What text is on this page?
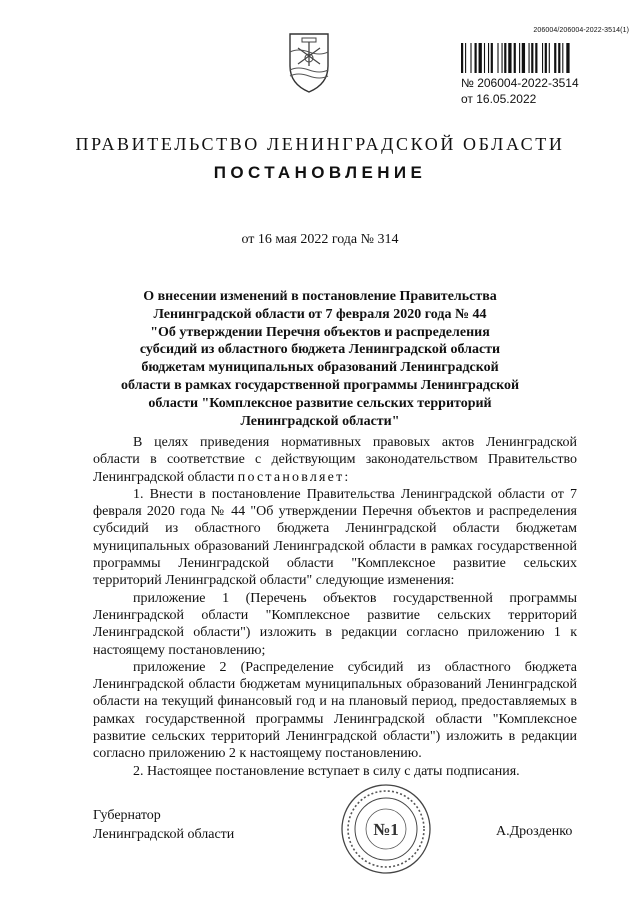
206004/206004-2022-3514(1)
№ 206004-2022-3514
от 16.05.2022
ПРАВИТЕЛЬСТВО ЛЕНИНГРАДСКОЙ ОБЛАСТИ
ПОСТАНОВЛЕНИЕ
от 16 мая 2022 года № 314
О внесении изменений в постановление Правительства
Ленинградской области от 7 февраля 2020 года № 44
"Об утверждении Перечня объектов и распределения
субсидий из областного бюджета Ленинградской области
бюджетам муниципальных образований Ленинградской
области в рамках государственной программы Ленинградской
области "Комплексное развитие сельских территорий
Ленинградской области"

В целях приведения нормативных правовых актов Ленинградской области в соответствие с действующим законодательством Правительство Ленинградской области постановляет:

1. Внести в постановление Правительства Ленинградской области от 7 февраля 2020 года № 44 "Об утверждении Перечня объектов и распределения субсидий из областного бюджета Ленинградской области бюджетам муниципальных образований Ленинградской области в рамках государственной программы Ленинградской области "Комплексное развитие сельских территорий Ленинградской области" следующие изменения:

приложение 1 (Перечень объектов государственной программы Ленинградской области "Комплексное развитие сельских территорий Ленинградской области") изложить в редакции согласно приложению 1 к настоящему постановлению;

приложение 2 (Распределение субсидий из областного бюджета Ленинградской области бюджетам муниципальных образований Ленинградской области на текущий финансовый год и на плановый период, предоставляемых в рамках государственной программы Ленинградской области "Комплексное развитие сельских территорий Ленинградской области") изложить в редакции согласно приложению 2 к настоящему постановлению.

2. Настоящее постановление вступает в силу с даты подписания.

Губернатор
Ленинградской области	№1	А.Дрозденко
